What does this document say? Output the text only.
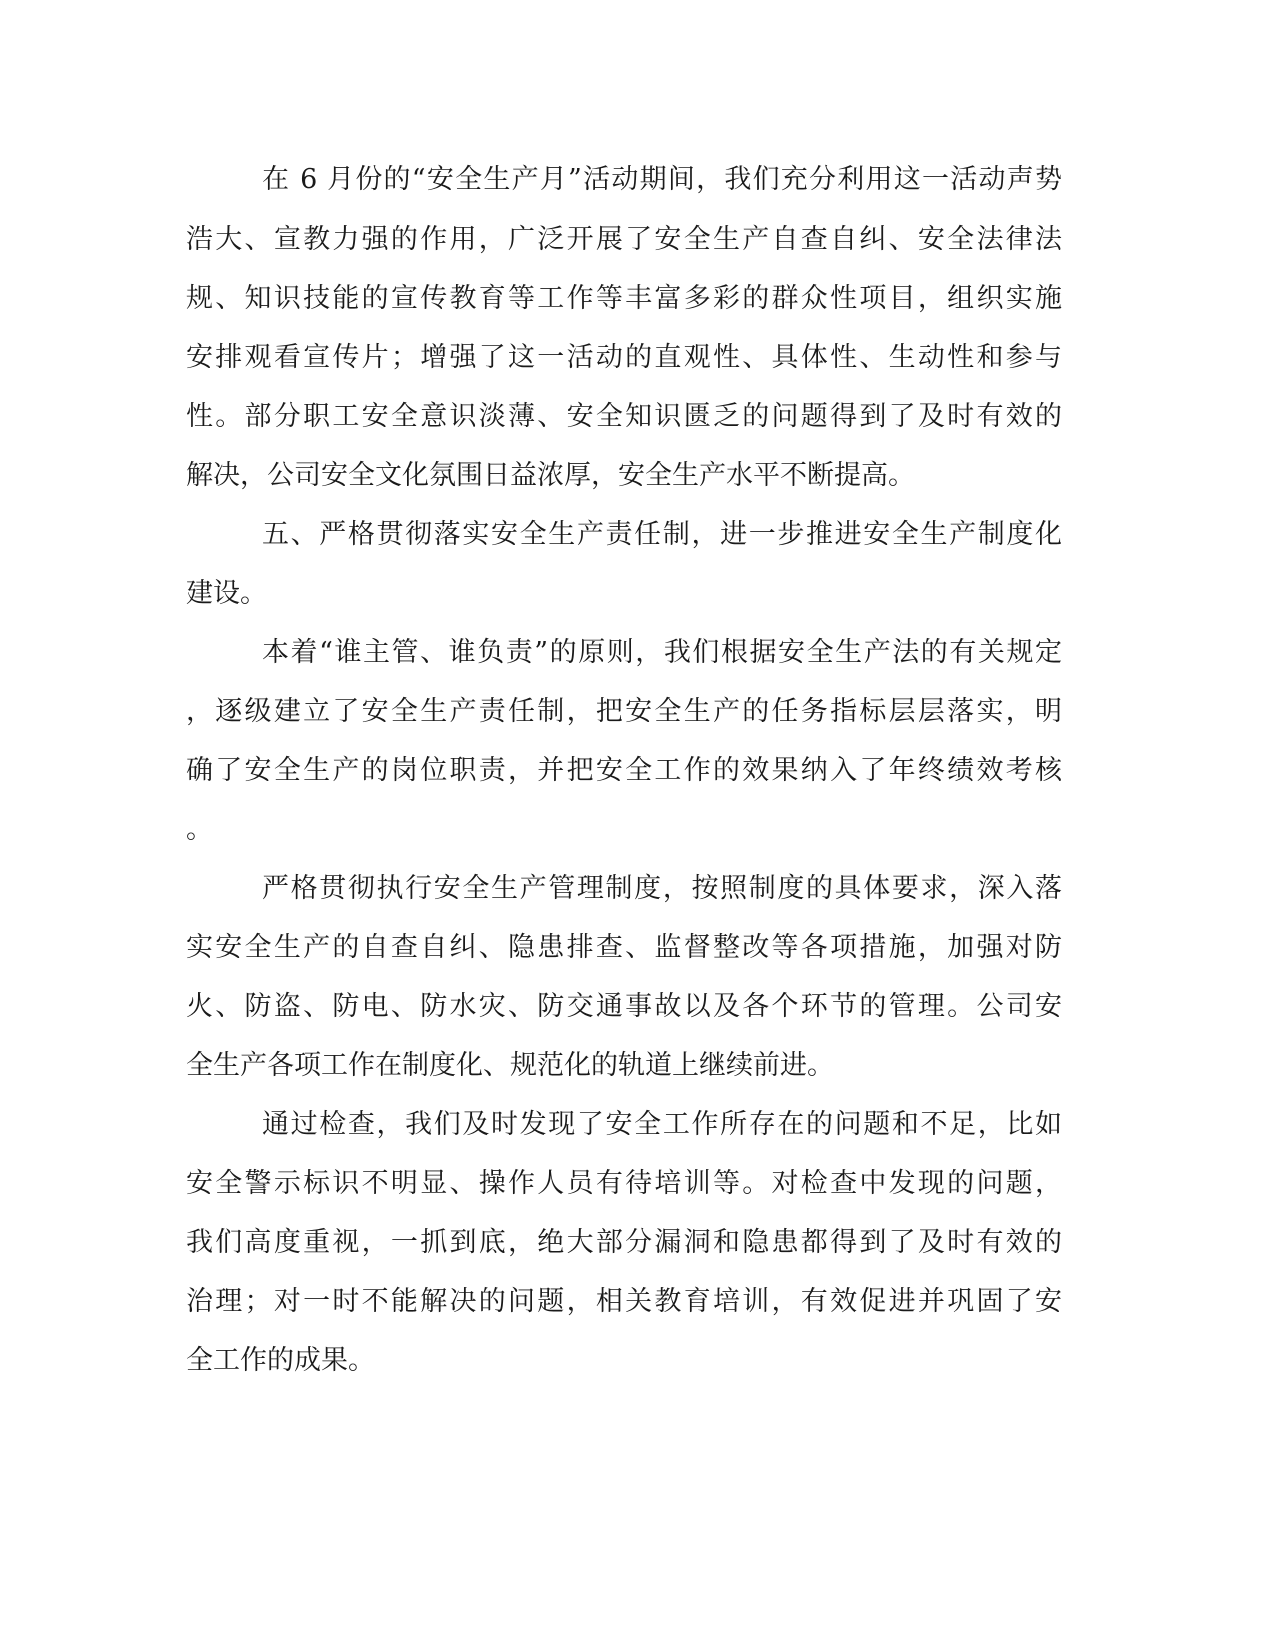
在 6 月份的“安全生产月”活动期间，我们充分利用这一活动声势
浩大、宣教力强的作用，广泛开展了安全生产自查自纠、安全法律法
规、知识技能的宣传教育等工作等丰富多彩的群众性项目，组织实施
安排观看宣传片；增强了这一活动的直观性、具体性、生动性和参与
性。部分职工安全意识淡薄、安全知识匮乏的问题得到了及时有效的
解决，公司安全文化氛围日益浓厚，安全生产水平不断提高。
五、严格贯彻落实安全生产责任制，进一步推进安全生产制度化
建设。
本着“谁主管、谁负责”的原则，我们根据安全生产法的有关规定
，逐级建立了安全生产责任制，把安全生产的任务指标层层落实，明
确了安全生产的岗位职责，并把安全工作的效果纳入了年终绩效考核
。
严格贯彻执行安全生产管理制度，按照制度的具体要求，深入落
实安全生产的自查自纠、隐患排查、监督整改等各项措施，加强对防
火、防盗、防电、防水灾、防交通事故以及各个环节的管理。公司安
全生产各项工作在制度化、规范化的轨道上继续前进。
通过检查，我们及时发现了安全工作所存在的问题和不足，比如
安全警示标识不明显、操作人员有待培训等。对检查中发现的问题，
我们高度重视，一抓到底，绝大部分漏洞和隐患都得到了及时有效的
治理；对一时不能解决的问题，相关教育培训，有效促进并巩固了安
全工作的成果。
